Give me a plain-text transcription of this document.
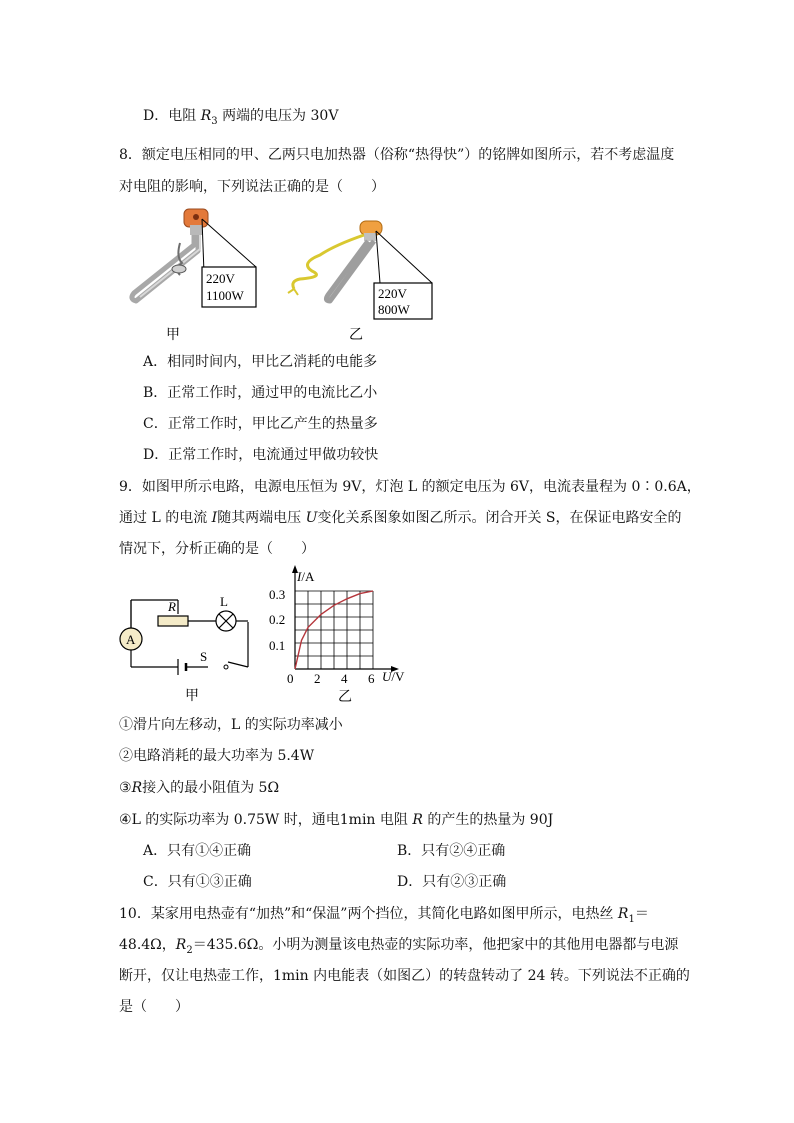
D．电阻 $R_3$ 两端的电压为 30V
8．额定电压相同的甲、乙两只电加热器（俗称“热得快”）的铭牌如图所示，若不考虑温度
对电阻的影响，下列说法正确的是（　　）
220V
1100W	220V
800W
甲	乙
A．相同时间内，甲比乙消耗的电能多
B．正常工作时，通过甲的电流比乙小
C．正常工作时，甲比乙产生的热量多
D．正常工作时，电流通过甲做功较快
9．如图甲所示电路，电源电压恒为 9V，灯泡 L 的额定电压为 6V，电流表量程为 0∶0.6A，
通过 L 的电流 I随其两端电压 U变化关系图象如图乙所示。闭合开关 S，在保证电路安全的
情况下，分析正确的是（　　）
A
R	L
S
甲
I/A
U/V
0.3
0.2
0.1
0 2 4 6
乙
①滑片向左移动，L 的实际功率减小
②电路消耗的最大功率为 5.4W
③R接入的最小阻值为 5Ω
④L 的实际功率为 0.75W 时，通电1min 电阻 R 的产生的热量为 90J
A．只有①④正确	B．只有②④正确
C．只有①③正确	D．只有②③正确
10．某家用电热壶有“加热”和“保温”两个挡位，其简化电路如图甲所示，电热丝 $R_1=$
48.4Ω，$R_2=435.6\Omega$。小明为测量该电热壶的实际功率，他把家中的其他用电器都与电源
断开，仅让电热壶工作，1min 内电能表（如图乙）的转盘转动了 24 转。下列说法不正确的
是（　　）
